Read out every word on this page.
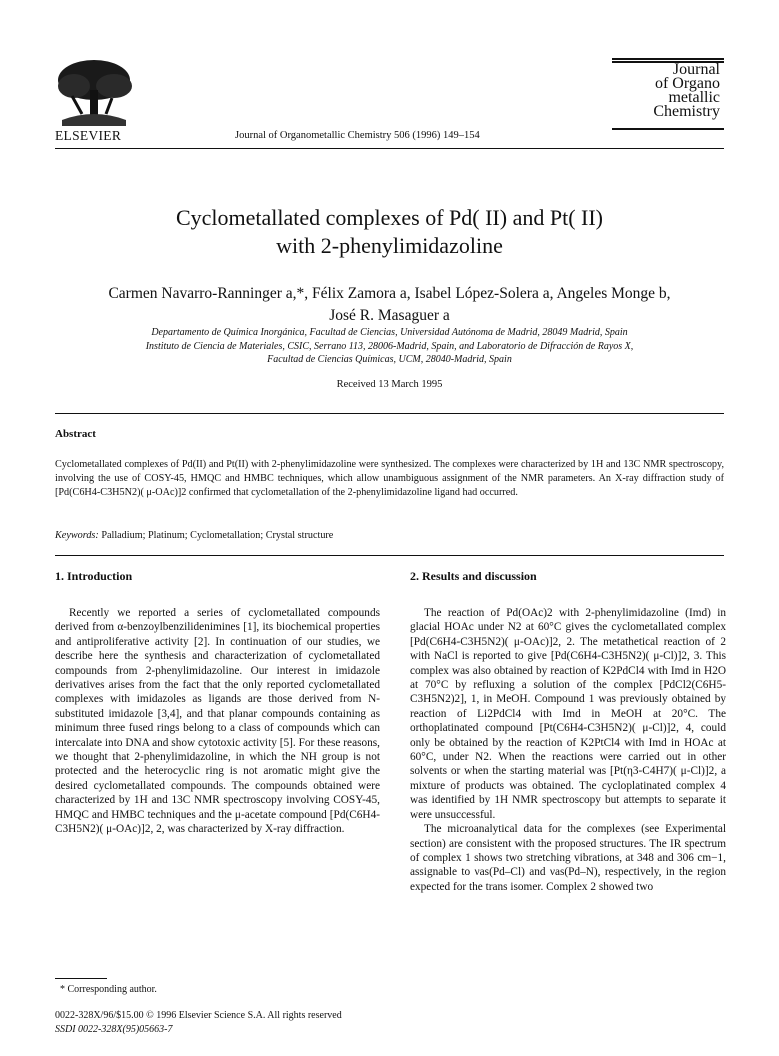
ELSEVIER	Journal of Organometallic Chemistry 506 (1996) 149–154
Journal
of Organo
metallic
Chemistry
Cyclometallated complexes of Pd( II) and Pt( II)
with 2-phenylimidazoline
Carmen Navarro-Ranninger a,*, Félix Zamora a, Isabel López-Solera a, Angeles Monge b,
José R. Masaguer a
Departamento de Química Inorgánica, Facultad de Ciencias, Universidad Autónoma de Madrid, 28049 Madrid, Spain
Instituto de Ciencia de Materiales, CSIC, Serrano 113, 28006-Madrid, Spain, and Laboratorio de Difracción de Rayos X,
Facultad de Ciencias Químicas, UCM, 28040-Madrid, Spain
Received 13 March 1995
Abstract
Cyclometallated complexes of Pd(II) and Pt(II) with 2-phenylimidazoline were synthesized. The complexes were characterized by 1H and 13C NMR spectroscopy, involving the use of COSY-45, HMQC and HMBC techniques, which allow unambiguous assignment of the NMR parameters. An X-ray diffraction study of [Pd(C6H4-C3H5N2)( μ-OAc)]2 confirmed that cyclometallation of the 2-phenylimidazoline ligand had occurred.
Keywords: Palladium; Platinum; Cyclometallation; Crystal structure
1. Introduction	2. Results and discussion
Recently we reported a series of cyclometallated compounds derived from α-benzoylbenzilidenimines [1], its biochemical properties and antiproliferative activity [2]. In continuation of our studies, we describe here the synthesis and characterization of cyclometallated compounds from 2-phenylimidazoline. Our interest in imidazole derivatives arises from the fact that the only reported cyclometallated complexes with imidazoles as ligands are those derived from N-substituted imidazole [3,4], and that planar compounds containing as minimum three fused rings belong to a class of compounds which can intercalate into DNA and show cytotoxic activity [5]. For these reasons, we thought that 2-phenylimidazoline, in which the NH group is not protected and the heterocyclic ring is not aromatic might give the desired cyclometallated compounds. The compounds obtained were characterized by 1H and 13C NMR spectroscopy involving COSY-45, HMQC and HMBC techniques and the μ-acetate compound [Pd(C6H4-C3H5N2)( μ-OAc)]2, 2, was characterized by X-ray diffraction.

The reaction of Pd(OAc)2 with 2-phenylimidazoline (Imd) in glacial HOAc under N2 at 60°C gives the cyclometallated complex [Pd(C6H4-C3H5N2)( μ-OAc)]2, 2. The metathetical reaction of 2 with NaCl is reported to give [Pd(C6H4-C3H5N2)( μ-Cl)]2, 3. This complex was also obtained by reaction of K2PdCl4 with Imd in H2O at 70°C by refluxing a solution of the complex [PdCl2(C6H5-C3H5N2)2], 1, in MeOH. Compound 1 was previously obtained by reaction of Li2PdCl4 with Imd in MeOH at 20°C. The orthoplatinated compound [Pt(C6H4-C3H5N2)( μ-Cl)]2, 4, could only be obtained by the reaction of K2PtCl4 with Imd in HOAc at 60°C, under N2. When the reactions were carried out in other solvents or when the starting material was [Pt(η3-C4H7)( μ-Cl)]2, a mixture of products was obtained. The cycloplatinated complex 4 was identified by 1H NMR spectroscopy but attempts to separate it were unsuccessful.

The microanalytical data for the complexes (see Experimental section) are consistent with the proposed structures. The IR spectrum of complex 1 shows two stretching vibrations, at 348 and 306 cm−1, assignable to νas(Pd–Cl) and νas(Pd–N), respectively, in the region expected for the trans isomer. Complex 2 showed two

* Corresponding author.
0022-328X/96/$15.00 © 1996 Elsevier Science S.A. All rights reserved
SSDI 0022-328X(95)05663-7
